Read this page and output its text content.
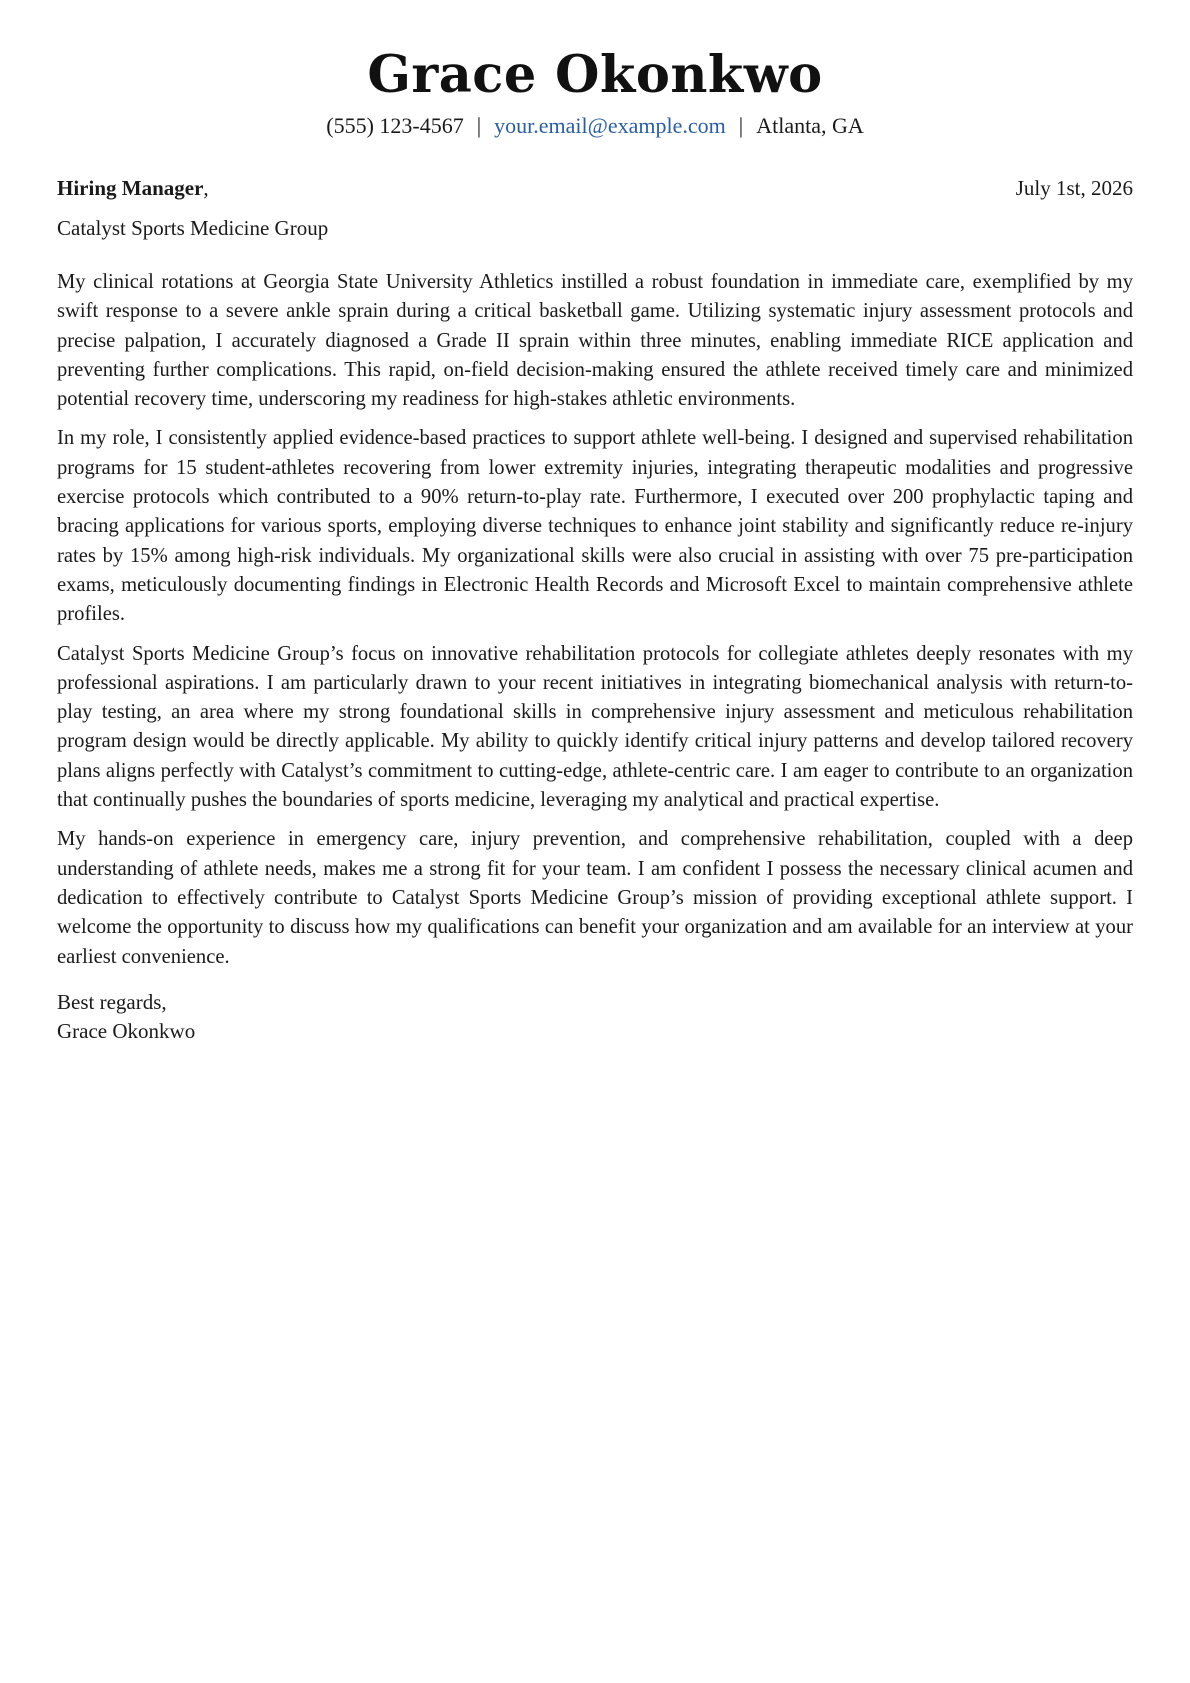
Grace Okonkwo
(555) 123-4567 | your.email@example.com | Atlanta, GA
Hiring Manager,	July 1st, 2026
Catalyst Sports Medicine Group

My clinical rotations at Georgia State University Athletics instilled a robust foundation in immediate care, exemplified by my swift response to a severe ankle sprain during a critical basketball game. Utilizing systematic injury assessment protocols and precise palpation, I accurately diagnosed a Grade II sprain within three minutes, enabling immediate RICE application and preventing further complications. This rapid, on-field decision-making ensured the athlete received timely care and minimized potential recovery time, underscoring my readiness for high-stakes athletic environments.

In my role, I consistently applied evidence-based practices to support athlete well-being. I designed and supervised rehabilitation programs for 15 student-athletes recovering from lower extremity injuries, integrating therapeutic modalities and progressive exercise protocols which contributed to a 90% return-to-play rate. Furthermore, I executed over 200 prophylactic taping and bracing applications for various sports, employing diverse techniques to enhance joint stability and significantly reduce re-injury rates by 15% among high-risk individuals. My organizational skills were also crucial in assisting with over 75 pre-participation exams, meticulously documenting findings in Electronic Health Records and Microsoft Excel to maintain comprehensive athlete profiles.

Catalyst Sports Medicine Group’s focus on innovative rehabilitation protocols for collegiate athletes deeply resonates with my professional aspirations. I am particularly drawn to your recent initiatives in integrating biomechanical analysis with return-to-play testing, an area where my strong foundational skills in comprehensive injury assessment and meticulous rehabilitation program design would be directly applicable. My ability to quickly identify critical injury patterns and develop tailored recovery plans aligns perfectly with Catalyst’s commitment to cutting-edge, athlete-centric care. I am eager to contribute to an organization that continually pushes the boundaries of sports medicine, leveraging my analytical and practical expertise.

My hands-on experience in emergency care, injury prevention, and comprehensive rehabilitation, coupled with a deep understanding of athlete needs, makes me a strong fit for your team. I am confident I possess the necessary clinical acumen and dedication to effectively contribute to Catalyst Sports Medicine Group’s mission of providing exceptional athlete support. I welcome the opportunity to discuss how my qualifications can benefit your organization and am available for an interview at your earliest convenience.

Best regards,
Grace Okonkwo
